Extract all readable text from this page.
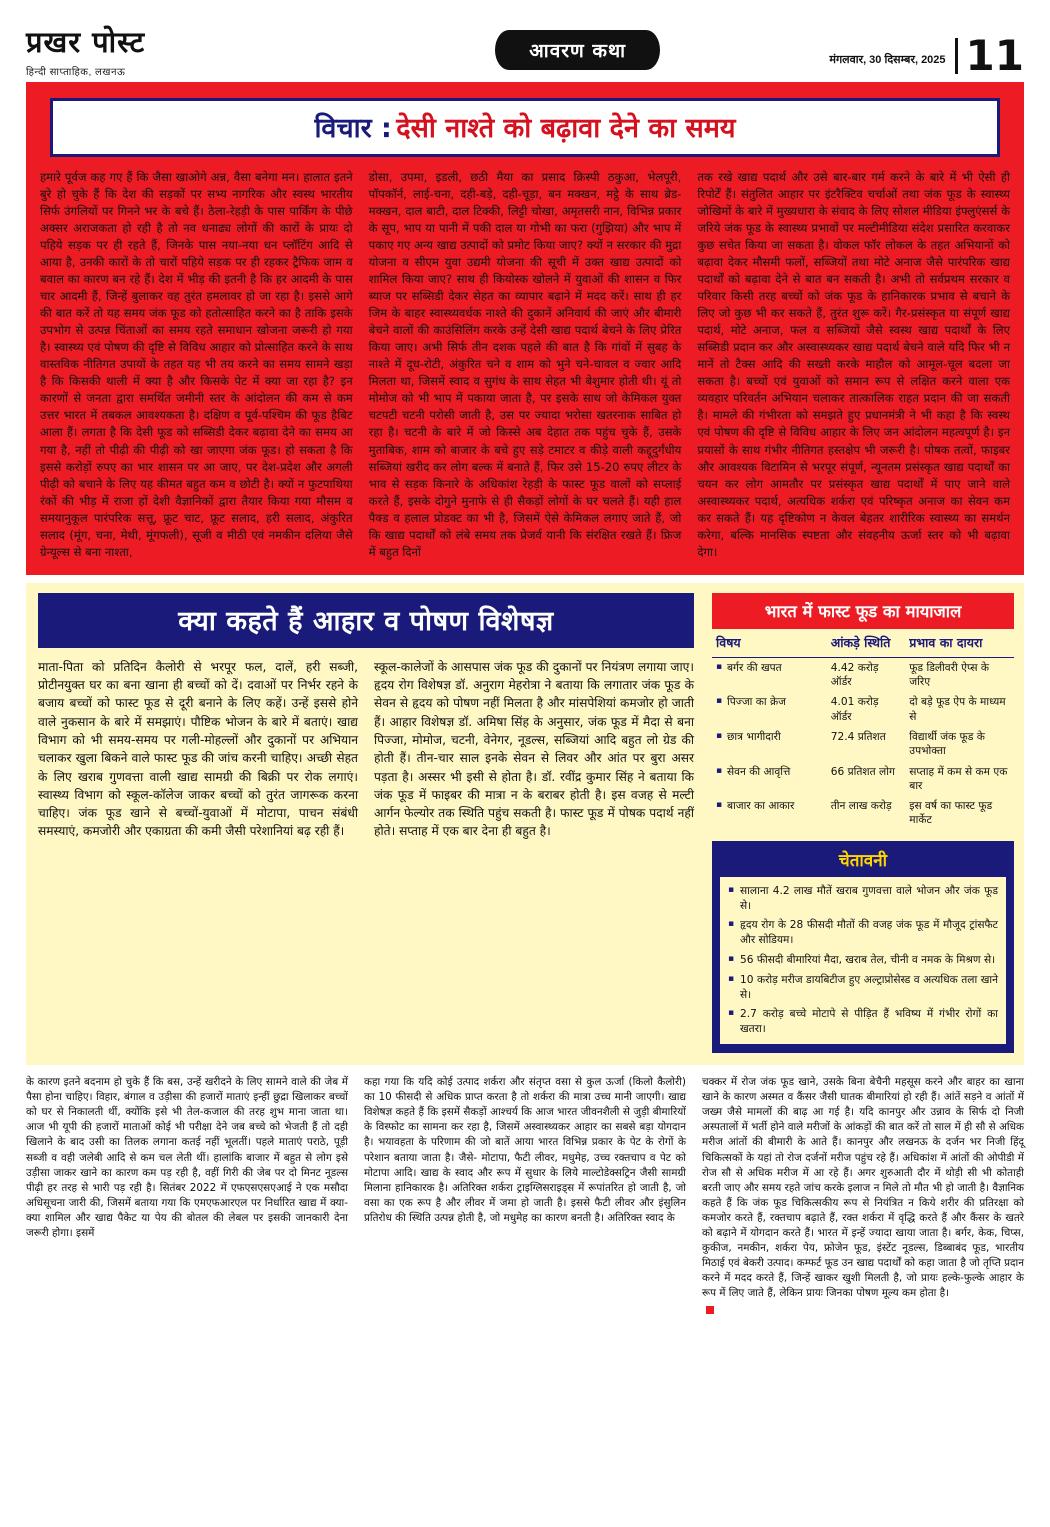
प्रखर पोस्ट
हिन्दी साप्ताहिक, लखनऊ
आवरण कथा	मंगलवार, 30 दिसम्बर, 2025 11
विचार : देसी नाश्ते को बढ़ावा देने का समय

हमारे पूर्वज कह गए हैं कि जैसा खाओगे अन्न, वैसा बनेगा मन। हालात इतने बुरे हो चुके हैं कि देश की सड़कों पर सभ्य नागरिक और स्वस्थ भारतीय सिर्फ उंगलियों पर गिनने भर के बचे हैं। ठेला-रेहड़ी के पास पार्किंग के पीछे अक्सर अराजकता हो रही है तो नव धनाढ्य लोगों की कारों के प्रायः दो पहिये सड़क पर ही रहते हैं, जिनके पास नया-नया धन प्लॉटिंग आदि से आया है, उनकी कारों के तो चारों पहिये सड़क पर ही रहकर ट्रैफिक जाम व बवाल का कारण बन रहे हैं। देश में भीड़ की इतनी है कि हर आदमी के पास चार आदमी हैं, जिन्हें बुलाकर वह तुरंत हमलावर हो जा रहा है। इससे आगे की बात करें तो यह समय जंक फूड को हतोत्साहित करने का है ताकि इसके उपभोग से उत्पन्न चिंताओं का समय रहते समाधान खोजना जरूरी हो गया है। स्वास्थ्य एवं पोषण की दृष्टि से विविध आहार को प्रोत्साहित करने के साथ वास्तविक नीतिगत उपायों के तहत यह भी तय करने का समय सामने खड़ा है कि किसकी थाली में क्या है और किसके पेट में क्या जा रहा है? इन कारणों से जनता द्वारा समर्थित जमीनी स्तर के आंदोलन की कम से कम उत्तर भारत में तबकल आवश्यकता है। दक्षिण व पूर्व-पश्चिम की फूड हैबिट आला हैं। लगता है कि देसी फूड को सब्सिडी देकर बढ़ावा देने का समय आ गया है, नहीं तो पीढ़ी की पीढ़ी को खा जाएगा जंक फूड। हो सकता है कि इससे करोड़ों रुपए का भार शासन पर आ जाए, पर देश-प्रदेश और अगली पीढ़ी को बचाने के लिए यह कीमत बहुत कम व छोटी है। क्यों न फुटपाथिया रंकों की भीड़ में राजा हों देशी वैज्ञानिकों द्वारा तैयार किया गया मौसम व समयानुकूल पारंपरिक सत्तू, फ्रूट चाट, फ्रूट सलाद, हरी सलाद, अंकुरित सलाद (मूंग, चना, मेथी, मूंगफली), सूजी व मीठी एवं नमकीन दलिया जैसे ग्रेन्यूल्स से बना नाश्ता,

डोसा, उपमा, इडली, छठी मैया का प्रसाद क्रिस्पी ठकुआ, भेलपूरी, पॉपकॉर्न, लाई-चना, दही-बड़े, दही-चूड़ा, बन मक्खन, मट्ठे के साथ ब्रेड-मक्खन, दाल बाटी, दाल टिक्की, लिट्टी चोखा, अमृतसरी नान, विभिन्न प्रकार के सूप, भाप या पानी में पकी दाल या गोभी का फरा (गुझिया) और भाप में पकाए गए अन्य खाद्य उत्पादों को प्रमोट किया जाए? क्यों न सरकार की मुद्रा योजना व सीएम युवा उद्यमी योजना की सूची में उक्त खाद्य उत्पादों को शामिल किया जाए? साथ ही कियोस्क खोलने में युवाओं की शासन व फिर ब्याज पर सब्सिडी देकर सेहत का व्यापार बढ़ाने में मदद करें। साथ ही हर जिम के बाहर स्वास्थ्यवर्धक नाश्ते की दुकानें अनिवार्य की जाएं और बीमारी बेचने वालों की काउंसिलिंग करके उन्हें देसी खाद्य पदार्थ बेचने के लिए प्रेरित किया जाए। अभी सिर्फ तीन दशक पहले की बात है कि गांवों में सुबह के नाश्ते में दूध-रोटी, अंकुरित चने व शाम को भुने चने-चावल व ज्वार आदि मिलता था, जिसमें स्वाद व सुगंध के साथ सेहत भी बेशुमार होती थी। यूं तो मोमोज को भी भाप में पकाया जाता है, पर इसके साथ जो केमिकल युक्त चटपटी चटनी परोसी जाती है, उस पर ज्यादा भरोसा खतरनाक साबित हो रहा है। चटनी के बारे में जो किस्से अब देहात तक पहुंच चुके हैं, उसके मुताबिक, शाम को बाजार के बचे हुए सड़े टमाटर व कीड़े वाली कद्दूदुर्गंधीय सब्जियां खरीद कर लोग बल्क में बनाते हैं, फिर उसे 15-20 रुपए लीटर के भाव से सड़क किनारे के अधिकांश रेहड़ी के फास्ट फूड वालों को सप्लाई करते हैं, इसके दोगुने मुनाफे से ही सैकड़ों लोगों के घर चलते हैं। यही हाल पैक्ड व हलाल प्रोडक्ट का भी है, जिसमें ऐसे केमिकल लगाए जाते हैं, जो कि खाद्य पदार्थों को लंबे समय तक प्रेजर्व यानी कि संरक्षित रखते हैं। फ्रिज में बहुत दिनों

तक रखे खाद्य पदार्थ और उसे बार-बार गर्म करने के बारे में भी ऐसी ही रिपोर्टें हैं। संतुलित आहार पर इंटरैक्टिव चर्चाओं तथा जंक फूड के स्वास्थ्य जोखिमों के बारे में मुख्यधारा के संवाद के लिए सोशल मीडिया इंफ्लुएंसर्स के जरिये जंक फूड के स्वास्थ्य प्रभावों पर मल्टीमीडिया संदेश प्रसारित करवाकर कुछ सचेत किया जा सकता है। वोकल फॉर लोकल के तहत अभियानों को बढ़ावा देकर मौसमी फलों, सब्जियों तथा मोटे अनाज जैसे पारंपरिक खाद्य पदार्थों को बढ़ावा देने से बात बन सकती है। अभी तो सर्वप्रथम सरकार व परिवार किसी तरह बच्चों को जंक फूड के हानिकारक प्रभाव से बचाने के लिए जो कुछ भी कर सकते हैं, तुरंत शुरू करें। गैर-प्रसंस्कृत या संपूर्ण खाद्य पदार्थ, मोटे अनाज, फल व सब्जियों जैसे स्वस्थ खाद्य पदार्थों के लिए सब्सिडी प्रदान कर और अस्वास्थ्यकर खाद्य पदार्थ बेचने वाले यदि फिर भी न मानें तो टैक्स आदि की सख्ती करके माहौल को आमूल-चूल बदला जा सकता है। बच्चों एवं युवाओं को समान रूप से लक्षित करने वाला एक व्यवहार परिवर्तन अभियान चलाकर तात्कालिक राहत प्रदान की जा सकती है। मामले की गंभीरता को समझते हुए प्रधानमंत्री ने भी कहा है कि स्वस्थ एवं पोषण की दृष्टि से विविध आहार के लिए जन आंदोलन महत्वपूर्ण है। इन प्रयासों के साथ गंभीर नीतिगत हस्तक्षेप भी जरूरी है। पोषक तत्वों, फाइबर और आवश्यक विटामिन से भरपूर संपूर्ण, न्यूनतम प्रसंस्कृत खाद्य पदार्थों का चयन कर लोग आमतौर पर प्रसंस्कृत खाद्य पदार्थों में पाए जाने वाले अस्वास्थ्यकर पदार्थ, अत्यधिक शर्करा एवं परिष्कृत अनाज का सेवन कम कर सकते हैं। यह दृष्टिकोण न केवल बेहतर शारीरिक स्वास्थ्य का समर्थन करेगा, बल्कि मानसिक स्पष्टता और संवहनीय ऊर्जा स्तर को भी बढ़ावा देगा।

क्या कहते हैं आहार व पोषण विशेषज्ञ

माता-पिता को प्रतिदिन कैलोरी से भरपूर फल, दालें, हरी सब्जी, प्रोटीनयुक्त घर का बना खाना ही बच्चों को दें। दवाओं पर निर्भर रहने के बजाय बच्चों को फास्ट फूड से दूरी बनाने के लिए कहें। उन्हें इससे होने वाले नुकसान के बारे में समझाएं। पौष्टिक भोजन के बारे में बताएं। खाद्य विभाग को भी समय-समय पर गली-मोहल्लों और दुकानों पर अभियान चलाकर खुला बिकने वाले फास्ट फूड की जांच करनी चाहिए। अच्छी सेहत के लिए खराब गुणवत्ता वाली खाद्य सामग्री की बिक्री पर रोक लगाएं। स्वास्थ्य विभाग को स्कूल-कॉलेज जाकर बच्चों को तुरंत जागरूक करना चाहिए। जंक फूड खाने से बच्चों-युवाओं में मोटापा, पाचन संबंधी समस्याएं, कमजोरी और एकाग्रता की कमी जैसी परेशानियां बढ़ रही हैं।

स्कूल-कालेजों के आसपास जंक फूड की दुकानों पर नियंत्रण लगाया जाए। हृदय रोग विशेषज्ञ डॉ. अनुराग मेहरोत्रा ने बताया कि लगातार जंक फूड के सेवन से हृदय को पोषण नहीं मिलता है और मांसपेशियां कमजोर हो जाती हैं। आहार विशेषज्ञ डॉ. अमिषा सिंह के अनुसार, जंक फूड में मैदा से बना पिज्जा, मोमोज, चटनी, वेनेगर, नूडल्स, सब्जियां आदि बहुत लो ग्रेड की होती हैं। तीन-चार साल इनके सेवन से लिवर और आंत पर बुरा असर पड़ता है। अस्सर भी इसी से होता है। डॉ. रवींद्र कुमार सिंह ने बताया कि जंक फूड में फाइबर की मात्रा न के बराबर होती है। इस वजह से मल्टी आर्गन फेल्योर तक स्थिति पहुंच सकती है। फास्ट फूड में पोषक पदार्थ नहीं होते। सप्ताह में एक बार देना ही बहुत है।

भारत में फास्ट फूड का मायाजाल
विषय	आंकड़े स्थिति	प्रभाव का दायरा
▪ बर्गर की खपत	4.42 करोड़ ऑर्डर	फूड डिलीवरी ऐप्स के जरिए
▪ पिज्जा का क्रेज	4.01 करोड़ ऑर्डर	दो बड़े फूड ऐप के माध्यम से
▪ छात्र भागीदारी	72.4 प्रतिशत	विद्यार्थी जंक फूड के उपभोक्ता
▪ सेवन की आवृत्ति	66 प्रतिशत लोग	सप्ताह में कम से कम एक बार
▪ बाजार का आकार	तीन लाख करोड़	इस वर्ष का फास्ट फूड मार्केट
चेतावनी
▪ सालाना 4.2 लाख मौतें खराब गुणवत्ता वाले भोजन और जंक फूड से।
▪ हृदय रोग के 28 फीसदी मौतों की वजह जंक फूड में मौजूद ट्रांसफैट और सोडियम।
▪ 56 फीसदी बीमारियां मैदा, खराब तेल, चीनी व नमक के मिश्रण से।
▪ 10 करोड़ मरीज डायबिटीज हुए अल्ट्राप्रोसेस्ड व अत्यधिक तला खाने से।
▪ 2.7 करोड़ बच्चे मोटापे से पीड़ित हैं भविष्य में गंभीर रोगों का खतरा।

के कारण इतने बदनाम हो चुके हैं कि बस, उन्हें खरीदने के लिए सामने वाले की जेब में पैसा होना चाहिए। विहार, बंगाल व उड़ीसा की हजारों माताएं इन्हीं छुद्रा खिलाकर बच्चों को घर से निकालती थीं, क्योंकि इसे भी तेल-कजाल की तरह शुभ माना जाता था। आज भी यूपी की हजारों माताओं कोई भी परीक्षा देने जब बच्चे को भेजती हैं तो दही खिलाने के बाद उसी का तिलक लगाना कतई नहीं भूलतीं। पहले माताएं पराठे, पूड़ी सब्जी व वही जलेबी आदि से कम चल लेती थीं। हालांकि बाजार में बहुत से लोग इसे उड़ीसा जाकर खाने का कारण कम पड़ रही है, वहीं गिरी की जेब पर दो मिनट नूडल्स पीढ़ी हर तरह से भारी पड़ रही है। सितंबर 2022 में एफएसएसएआई ने एक मसौदा अधिसूचना जारी की, जिसमें बताया गया कि एमएफआरएल पर निर्धारित खाद्य में क्या-क्या शामिल और खाद्य पैकेट या पेय की बोतल की लेबल पर इसकी जानकारी देना जरूरी होगा। इसमें

कहा गया कि यदि कोई उत्पाद शर्करा और संतृप्त वसा से कुल ऊर्जा (किलो कैलोरी) का 10 फीसदी से अधिक प्राप्त करता है तो शर्करा की मात्रा उच्च मानी जाएगी। खाद्य विशेषज्ञ कहते हैं कि इसमें सैकड़ों आश्चर्य कि आज भारत जीवनशैली से जुड़ी बीमारियों के विस्फोट का सामना कर रहा है, जिसमें अस्वास्थ्यकर आहार का सबसे बड़ा योगदान है। भयावहता के परिणाम की जो बातें आया भारत विभिन्न प्रकार के पेट के रोगों के परेशान बताया जाता है। जैसे- मोटापा, फैटी लीवर, मधुमेह, उच्च रक्तचाप व पेट को मोटापा आदि। खाद्य के स्वाद और रूप में सुधार के लिये माल्टोडेक्सट्रिन जैसी सामग्री मिलाना हानिकारक है। अतिरिक्त शर्करा ट्राइग्लिसराइड्स में रूपांतरित हो जाती है, जो वसा का एक रूप है और लीवर में जमा हो जाती है। इससे फैटी लीवर और इंसुलिन प्रतिरोध की स्थिति उत्पन्न होती है, जो मधुमेह का कारण बनती है। अतिरिक्त स्वाद के

चक्कर में रोज जंक फूड खाने, उसके बिना बेचैनी महसूस करने और बाहर का खाना खाने के कारण अस्मत व कैंसर जैसी घातक बीमारियां हो रही हैं। आंतें सड़ने व आंतों में जख्म जैसे मामलों की बाढ़ आ गई है। यदि कानपुर और उन्नाव के सिर्फ दो निजी अस्पतालों में भर्ती होने वाले मरीजों के आंकड़ों की बात करें तो साल में ही सौ से अधिक मरीज आंतों की बीमारी के आते हैं। कानपुर और लखनऊ के दर्जन भर निजी हिंदू चिकित्सकों के यहां तो रोज दर्जनों मरीज पहुंच रहे हैं। अधिकांश में आंतों की ओपीडी में रोज सौ से अधिक मरीज में आ रहे हैं। अगर शुरुआती दौर में थोड़ी सी भी कोताही बरती जाए और समय रहते जांच करके इलाज न मिले तो मौत भी हो जाती है। वैज्ञानिक कहते हैं कि जंक फूड चिकित्सकीय रूप से नियंत्रित न किये शरीर की प्रतिरक्षा को कमजोर करते हैं, रक्तचाप बढ़ाते हैं, रक्त शर्करा में वृद्धि करते हैं और कैंसर के खतरे को बढ़ाने में योगदान करते हैं। भारत में इन्हें ज्यादा खाया जाता है। बर्गर, केक, चिप्स, कुकीज, नमकीन, शर्करा पेय, फ्रोजेन फूड, इंस्टेंट नूडल्स, डिब्बाबंद फूड, भारतीय मिठाई एवं बेकरी उत्पाद। कम्फर्ट फूड उन खाद्य पदार्थों को कहा जाता है जो तृप्ति प्रदान करने में मदद करते हैं, जिन्हें खाकर खुशी मिलती है, जो प्रायः हल्के-फुल्के आहार के रूप में लिए जाते हैं, लेकिन प्रायः जिनका पोषण मूल्य कम होता है।
